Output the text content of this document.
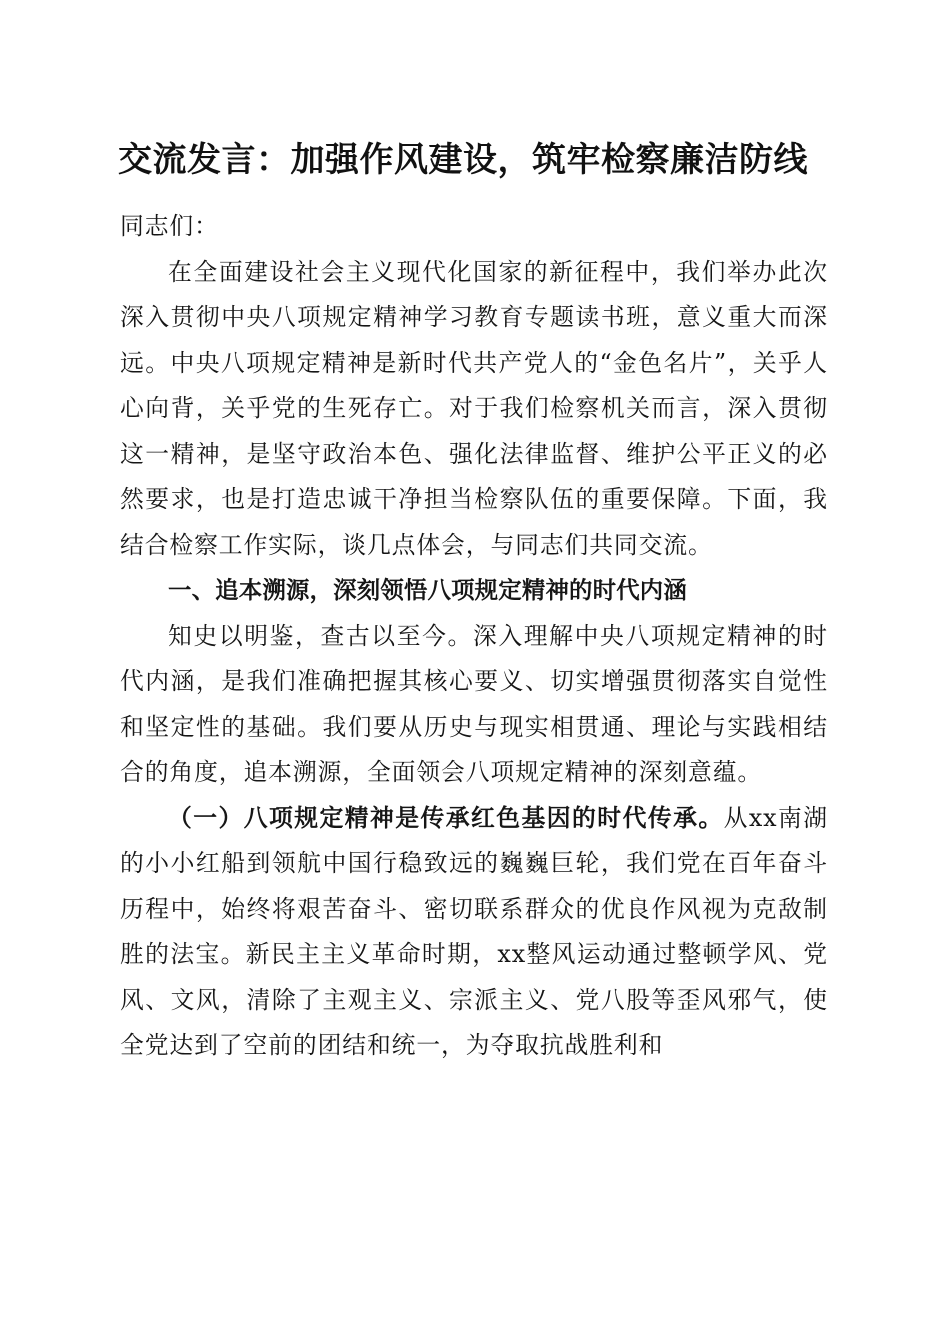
交流发言：加强作风建设，筑牢检察廉洁防线

同志们：

在全面建设社会主义现代化国家的新征程中，我们举办此次深入贯彻中央八项规定精神学习教育专题读书班，意义重大而深远。中央八项规定精神是新时代共产党人的“金色名片”，关乎人心向背，关乎党的生死存亡。对于我们检察机关而言，深入贯彻这一精神，是坚守政治本色、强化法律监督、维护公平正义的必然要求，也是打造忠诚干净担当检察队伍的重要保障。下面，我结合检察工作实际，谈几点体会，与同志们共同交流。

一、追本溯源，深刻领悟八项规定精神的时代内涵

知史以明鉴，查古以至今。深入理解中央八项规定精神的时代内涵，是我们准确把握其核心要义、切实增强贯彻落实自觉性和坚定性的基础。我们要从历史与现实相贯通、理论与实践相结合的角度，追本溯源，全面领会八项规定精神的深刻意蕴。

（一）八项规定精神是传承红色基因的时代传承。从xx南湖的小小红船到领航中国行稳致远的巍巍巨轮，我们党在百年奋斗历程中，始终将艰苦奋斗、密切联系群众的优良作风视为克敌制胜的法宝。新民主主义革命时期，xx整风运动通过整顿学风、党风、文风，清除了主观主义、宗派主义、党八股等歪风邪气，使全党达到了空前的团结和统一，为夺取抗战胜利和
